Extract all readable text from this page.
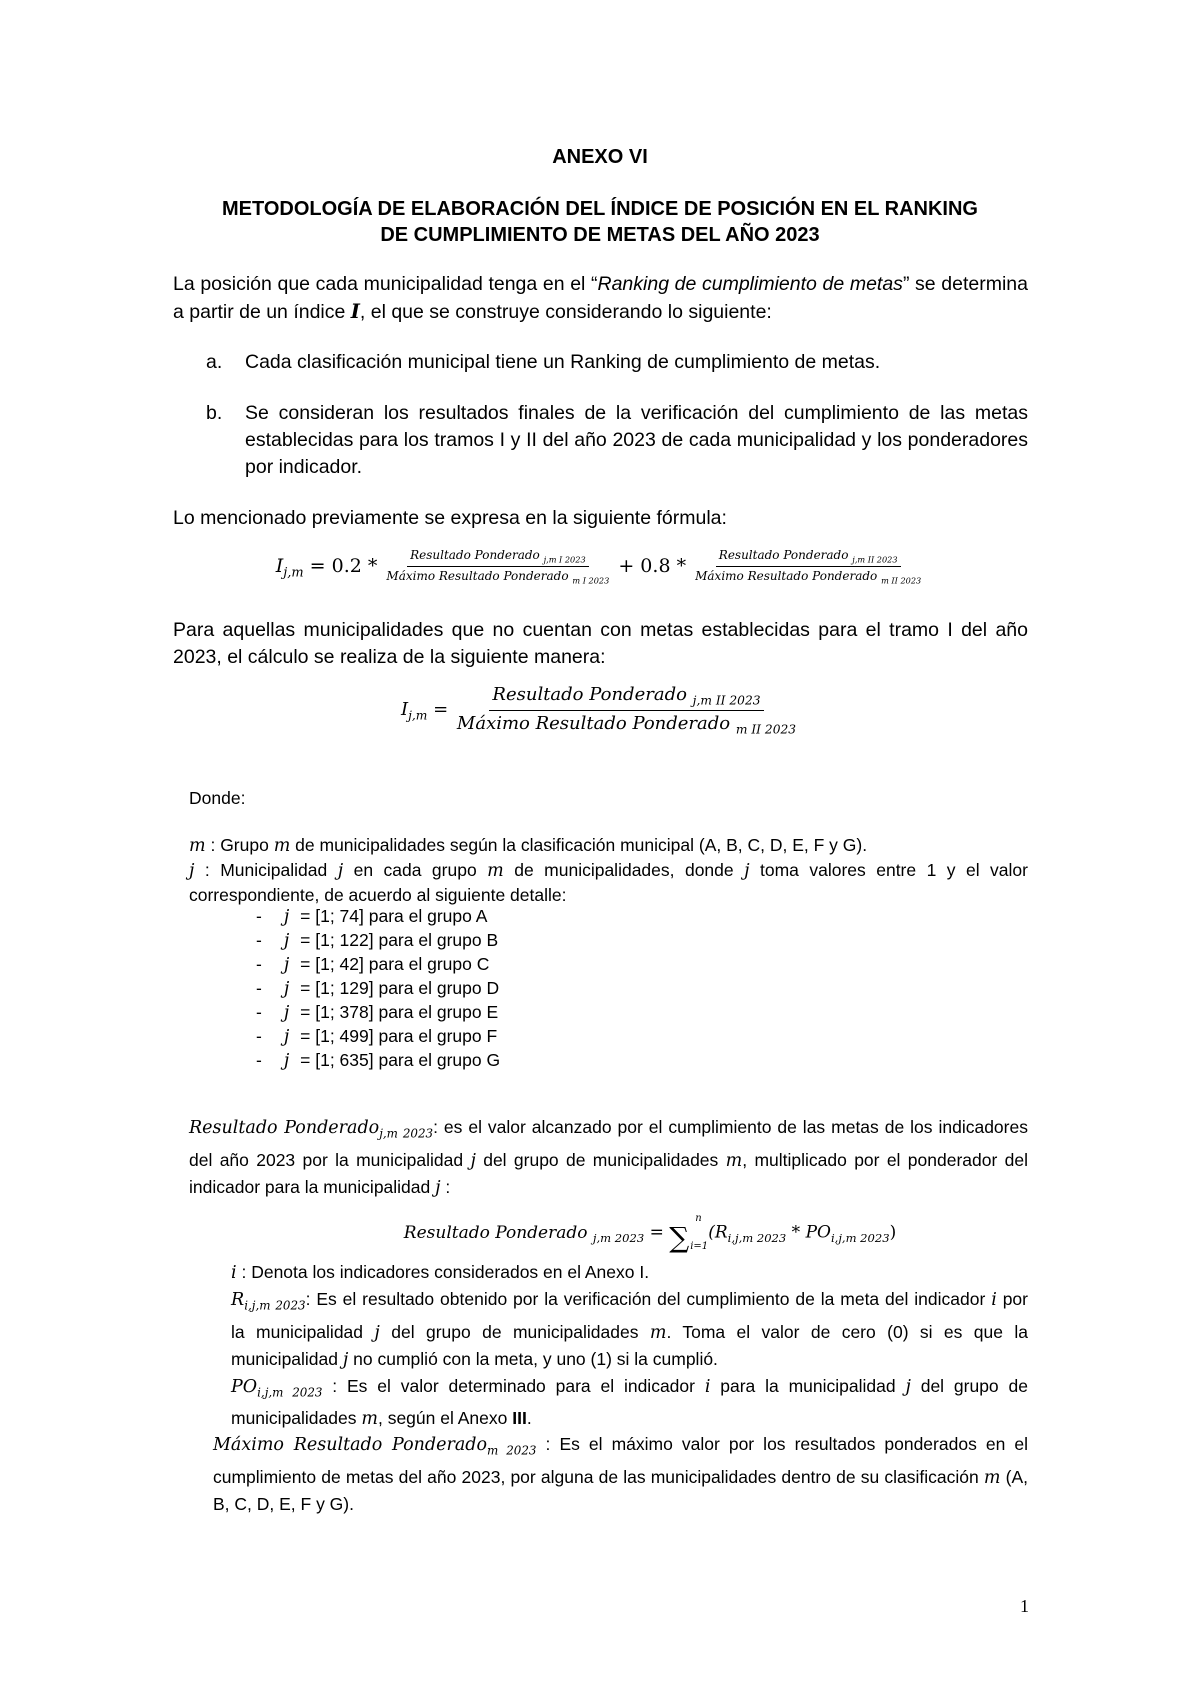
ANEXO VI
METODOLOGÍA DE ELABORACIÓN DEL ÍNDICE DE POSICIÓN EN EL RANKING
DE CUMPLIMIENTO DE METAS DEL AÑO 2023
La posición que cada municipalidad tenga en el “Ranking de cumplimiento de metas” se determina a partir de un índice I, el que se construye considerando lo siguiente:
a. Cada clasificación municipal tiene un Ranking de cumplimiento de metas.
b. Se consideran los resultados finales de la verificación del cumplimiento de las metas establecidas para los tramos I y II del año 2023 de cada municipalidad y los ponderadores por indicador.
Lo mencionado previamente se expresa en la siguiente fórmula:
$I_{j,m} = 0.2 * \frac{Resultado Ponderado _{j,m I 2023}}{Máximo Resultado Ponderado _{m I 2023}} + 0.8 * \frac{Resultado Ponderado _{j,m II 2023}}{Máximo Resultado Ponderado _{m II 2023}}$
Para aquellas municipalidades que no cuentan con metas establecidas para el tramo I del año 2023, el cálculo se realiza de la siguiente manera:
$I_{j,m} = \frac{Resultado Ponderado _{j,m II 2023}}{Máximo Resultado Ponderado _{m II 2023}}$
Donde:
m : Grupo m de municipalidades según la clasificación municipal (A, B, C, D, E, F y G).
j : Municipalidad j en cada grupo m de municipalidades, donde j toma valores entre 1 y el valor correspondiente, de acuerdo al siguiente detalle:
- j = [1; 74] para el grupo A
- j = [1; 122] para el grupo B
- j = [1; 42] para el grupo C
- j = [1; 129] para el grupo D
- j = [1; 378] para el grupo E
- j = [1; 499] para el grupo F
- j = [1; 635] para el grupo G
Resultado Ponderado$_{j,m 2023}$: es el valor alcanzado por el cumplimiento de las metas de los indicadores del año 2023 por la municipalidad j del grupo de municipalidades m, multiplicado por el ponderador del indicador para la municipalidad j :
Resultado Ponderado $_{j,m 2023}$ =
n
∑ i=1
$(R_{i,j,m 2023} * PO_{i,j,m 2023})$
i : Denota los indicadores considerados en el Anexo I.
$R_{i,j,m 2023}$: Es el resultado obtenido por la verificación del cumplimiento de la meta del indicador i por la municipalidad j del grupo de municipalidades m. Toma el valor de cero (0) si es que la municipalidad j no cumplió con la meta, y uno (1) si la cumplió.
$PO_{i,j,m 2023}$ : Es el valor determinado para el indicador i para la municipalidad j del grupo de municipalidades m, según el Anexo III.
Máximo Resultado Ponderado$_{m 2023}$ : Es el máximo valor por los resultados ponderados en el cumplimiento de metas del año 2023, por alguna de las municipalidades dentro de su clasificación m (A, B, C, D, E, F y G).
1
